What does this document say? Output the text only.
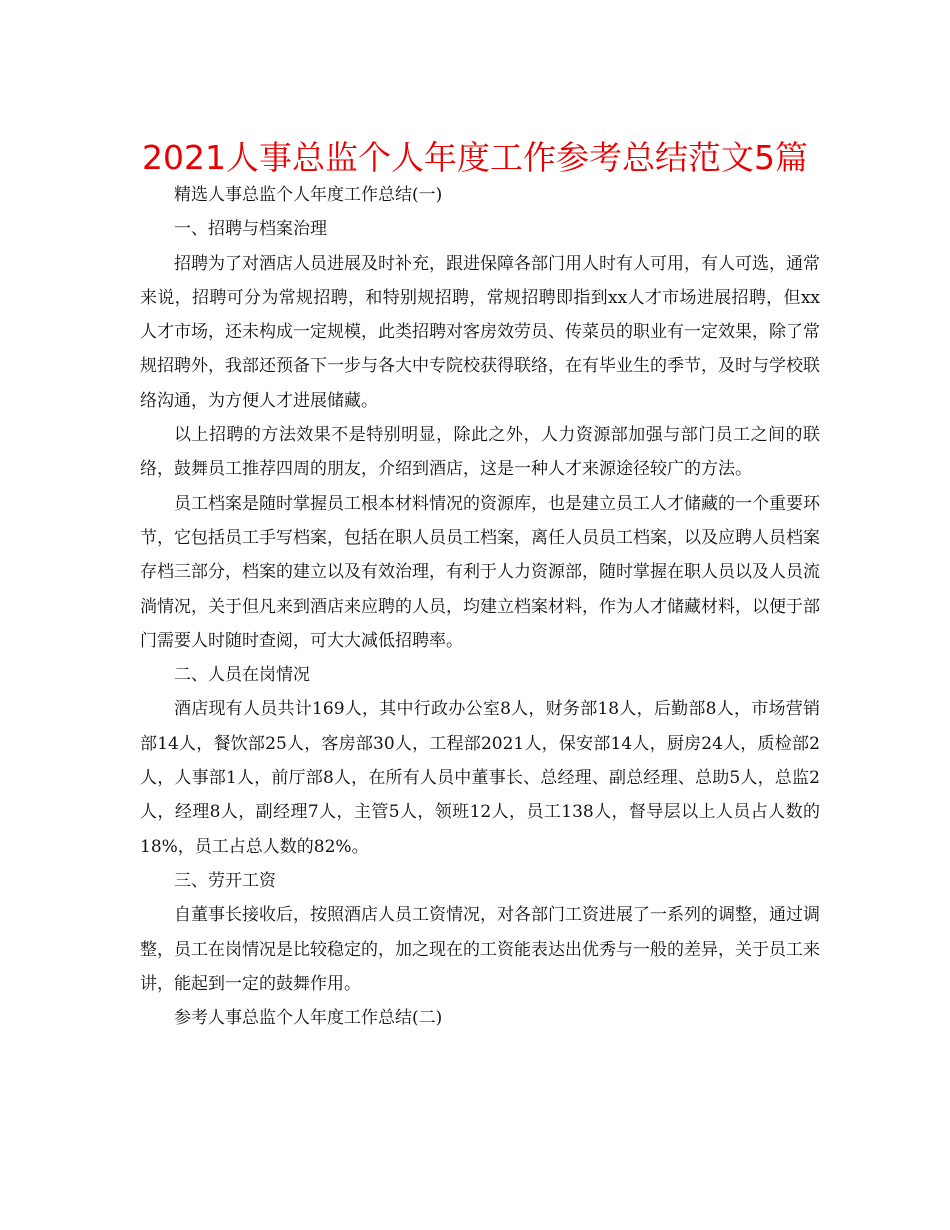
2021人事总监个人年度工作参考总结范文5篇

精选人事总监个人年度工作总结(一)

一、招聘与档案治理

招聘为了对酒店人员进展及时补充，跟进保障各部门用人时有人可用，有人可选，通常来说，招聘可分为常规招聘，和特别规招聘，常规招聘即指到xx人才市场进展招聘，但xx人才市场，还未构成一定规模，此类招聘对客房效劳员、传菜员的职业有一定效果，除了常规招聘外，我部还预备下一步与各大中专院校获得联络，在有毕业生的季节，及时与学校联络沟通，为方便人才进展储藏。

以上招聘的方法效果不是特别明显，除此之外，人力资源部加强与部门员工之间的联络，鼓舞员工推荐四周的朋友，介绍到酒店，这是一种人才来源途径较广的方法。

员工档案是随时掌握员工根本材料情况的资源库，也是建立员工人才储藏的一个重要环节，它包括员工手写档案，包括在职人员员工档案，离任人员员工档案，以及应聘人员档案存档三部分，档案的建立以及有效治理，有利于人力资源部，随时掌握在职人员以及人员流淌情况，关于但凡来到酒店来应聘的人员，均建立档案材料，作为人才储藏材料，以便于部门需要人时随时查阅，可大大减低招聘率。

二、人员在岗情况

酒店现有人员共计169人，其中行政办公室8人，财务部18人，后勤部8人，市场营销部14人，餐饮部25人，客房部30人，工程部2021人，保安部14人，厨房24人，质检部2人，人事部1人，前厅部8人，在所有人员中董事长、总经理、副总经理、总助5人，总监2人，经理8人，副经理7人，主管5人，领班12人，员工138人，督导层以上人员占人数的18%，员工占总人数的82%。

三、劳开工资

自董事长接收后，按照酒店人员工资情况，对各部门工资进展了一系列的调整，通过调整，员工在岗情况是比较稳定的，加之现在的工资能表达出优秀与一般的差异，关于员工来讲，能起到一定的鼓舞作用。

参考人事总监个人年度工作总结(二)
